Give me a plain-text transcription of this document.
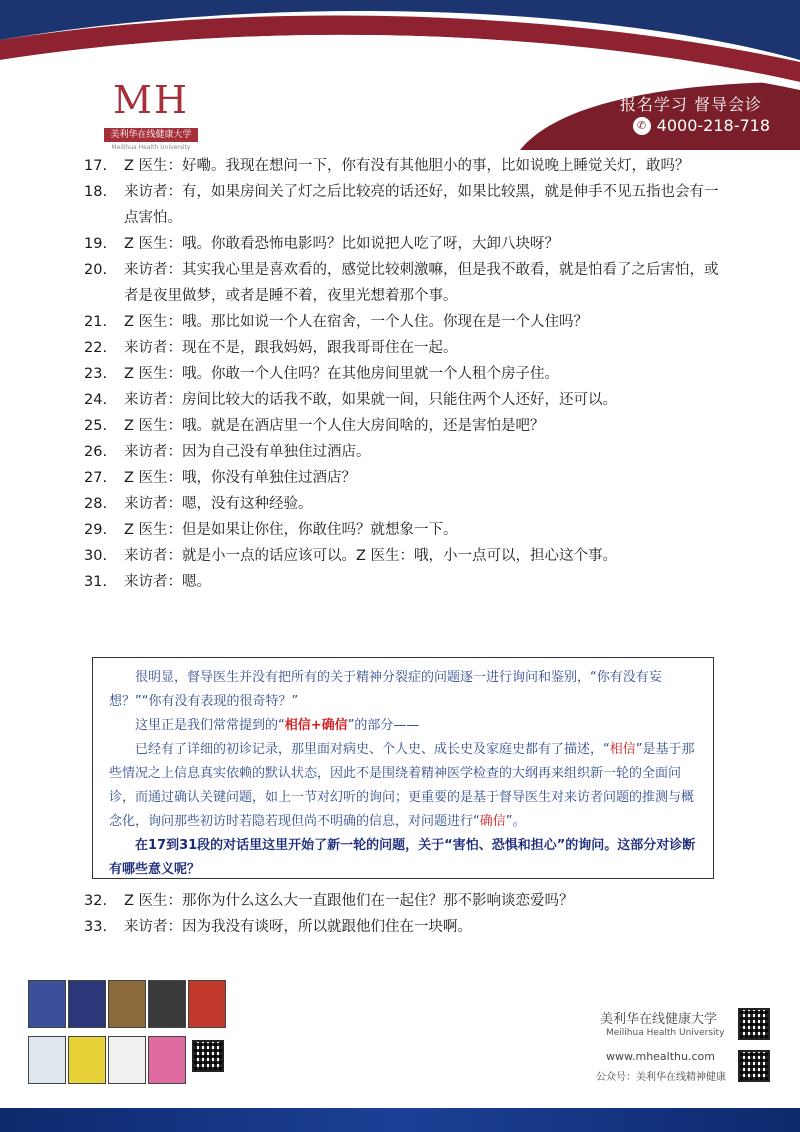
MH
美利华在线健康大学
Meilihua Health University
报名学习 督导会诊
✆ 4000-218-718
17.	Z 医生：好嘞。我现在想问一下，你有没有其他胆小的事，比如说晚上睡觉关灯，敢吗？
18.	来访者：有，如果房间关了灯之后比较亮的话还好，如果比较黑，就是伸手不见五指也会有一点害怕。
19.	Z 医生：哦。你敢看恐怖电影吗？比如说把人吃了呀，大卸八块呀？
20.	来访者：其实我心里是喜欢看的，感觉比较刺激嘛，但是我不敢看，就是怕看了之后害怕，或者是夜里做梦，或者是睡不着，夜里光想着那个事。
21.	Z 医生：哦。那比如说一个人在宿舍，一个人住。你现在是一个人住吗？
22.	来访者：现在不是，跟我妈妈，跟我哥哥住在一起。
23.	Z 医生：哦。你敢一个人住吗？在其他房间里就一个人租个房子住。
24.	来访者：房间比较大的话我不敢，如果就一间，只能住两个人还好，还可以。
25.	Z 医生：哦。就是在酒店里一个人住大房间啥的，还是害怕是吧？
26.	来访者：因为自己没有单独住过酒店。
27.	Z 医生：哦，你没有单独住过酒店？
28.	来访者：嗯，没有这种经验。
29.	Z 医生：但是如果让你住，你敢住吗？就想象一下。
30.	来访者：就是小一点的话应该可以。Z 医生：哦，小一点可以，担心这个事。
31.	来访者：嗯。

很明显，督导医生并没有把所有的关于精神分裂症的问题逐一进行询问和鉴别，“你有没有妄想？”“你有没有表现的很奇特？”

这里正是我们常常提到的“相信+确信”的部分——

已经有了详细的初诊记录，那里面对病史、个人史、成长史及家庭史都有了描述，“相信”是基于那些情况之上信息真实依赖的默认状态，因此不是围绕着精神医学检查的大纲再来组织新一轮的全面问诊，而通过确认关键问题，如上一节对幻听的询问；更重要的是基于督导医生对来访者问题的推测与概念化，询问那些初访时若隐若现但尚不明确的信息，对问题进行“确信”。

在17到31段的对话里这里开始了新一轮的问题，关于“害怕、恐惧和担心”的询问。这部分对诊断有哪些意义呢？

32.	Z 医生：那你为什么这么大一直跟他们在一起住？那不影响谈恋爱吗？
33.	来访者：因为我没有谈呀，所以就跟他们住在一块啊。
美利华在线健康大学
Meilihua Health University
www.mhealthu.com
公众号：美利华在线精神健康
